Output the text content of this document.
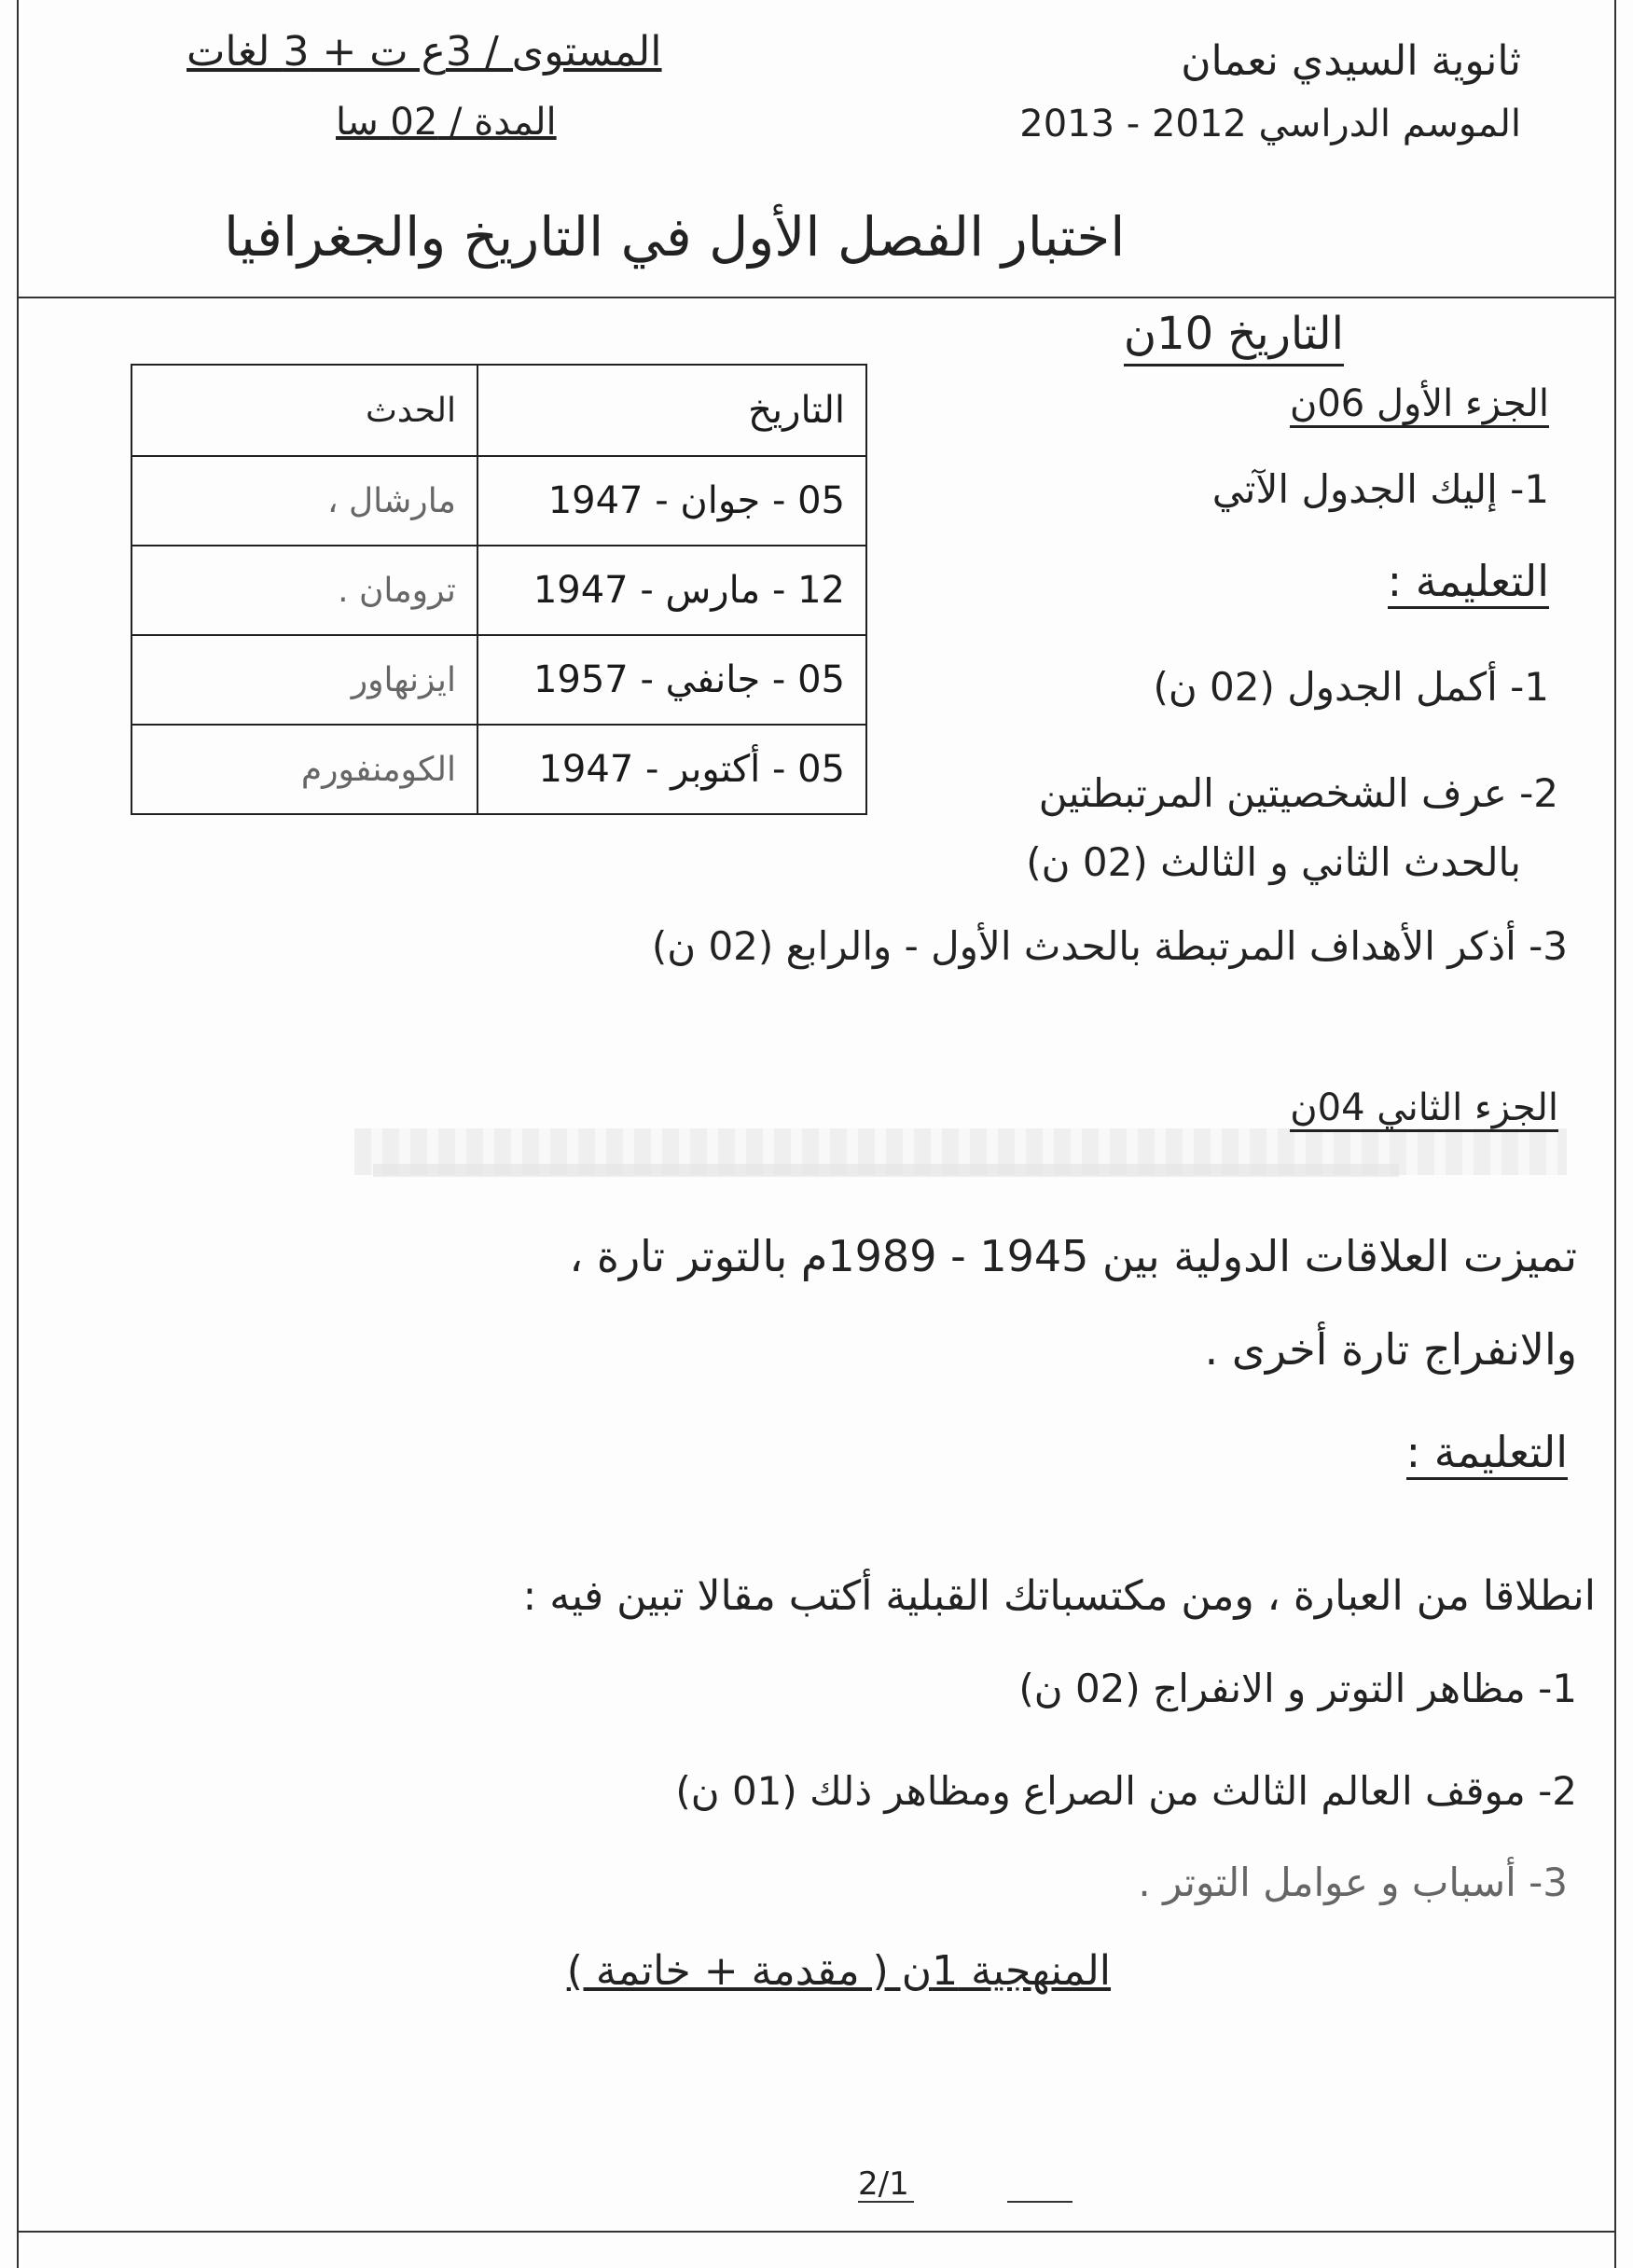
ثانوية السيدي نعمان
الموسم الدراسي 2012 - 2013
المستوى / 3ع ت + 3 لغات
المدة / 02 سا
اختبار الفصل الأول في التاريخ والجغرافيا
التاريخ 10ن
الجزء الأول 06ن
1- إليك الجدول الآتي
التعليمة :
التاريخ	الحدث
05 - جوان - 1947	مارشال ،
12 - مارس - 1947	ترومان .
05 - جانفي - 1957	ايزنهاور
05 - أكتوبر - 1947	الكومنفورم
1- أكمل الجدول (02 ن)
2- عرف الشخصيتين المرتبطتين
بالحدث الثاني و الثالث (02 ن)
3- أذكر الأهداف المرتبطة بالحدث الأول - والرابع (02 ن)
الجزء الثاني 04ن
تميزت العلاقات الدولية بين 1945 - 1989م بالتوتر تارة ،
والانفراج تارة أخرى .
التعليمة :
انطلاقا من العبارة ، ومن مكتسباتك القبلية أكتب مقالا تبين فيه :
1- مظاهر التوتر و الانفراج (02 ن)
2- موقف العالم الثالث من الصراع ومظاهر ذلك (01 ن)
3- أسباب و عوامل التوتر .
المنهجية 1ن ( مقدمة + خاتمة )
2/1
